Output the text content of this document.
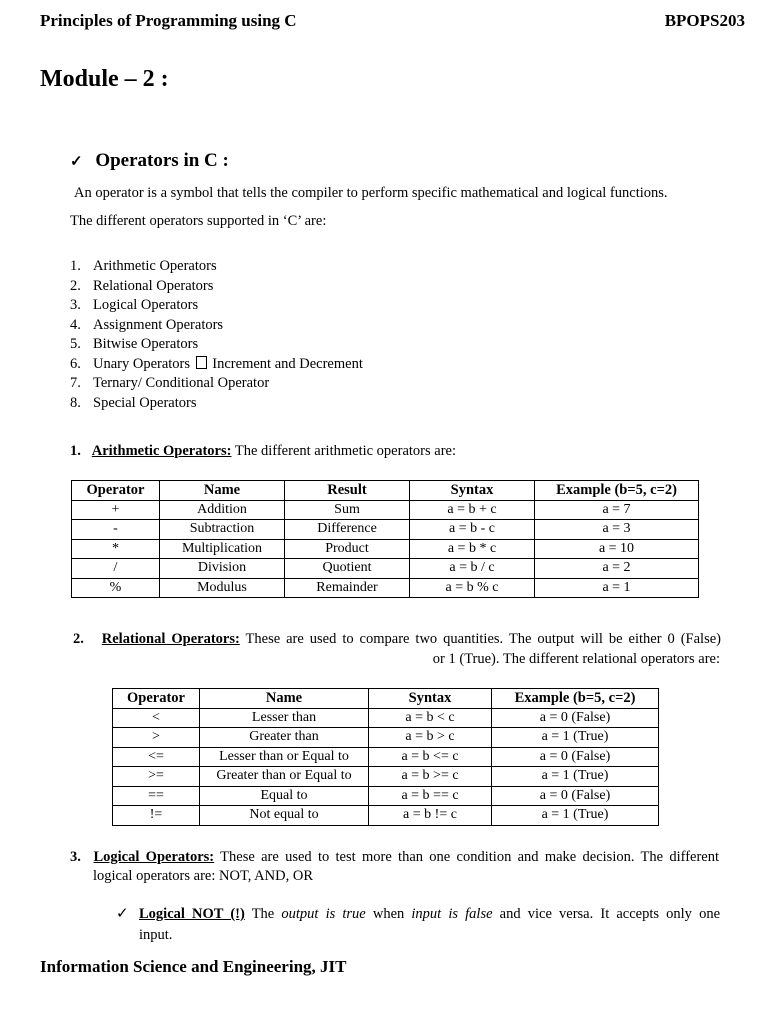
Principles of Programming using C	BPOPS203
Module – 2 :
✓ Operators in C :
An operator is a symbol that tells the compiler to perform specific mathematical and logical functions.
The different operators supported in ‘C’ are:
1. Arithmetic Operators
2. Relational Operators
3. Logical Operators
4. Assignment Operators
5. Bitwise Operators
6. Unary Operators Increment and Decrement
7. Ternary/ Conditional Operator
8. Special Operators
1. Arithmetic Operators: The different arithmetic operators are:
Operator	Name	Result	Syntax	Example (b=5, c=2)
+	Addition	Sum	a = b + c	a = 7
-	Subtraction	Difference	a = b - c	a = 3
*	Multiplication	Product	a = b * c	a = 10
/	Division	Quotient	a = b / c	a = 2
%	Modulus	Remainder	a = b % c	a = 1
2. Relational Operators: These are used to compare two quantities. The output will be either 0 (False)
or 1 (True). The different relational operators are:
Operator	Name	Syntax	Example (b=5, c=2)
<	Lesser than	a = b < c	a = 0 (False)
>	Greater than	a = b > c	a = 1 (True)
<=	Lesser than or Equal to	a = b <= c	a = 0 (False)
>=	Greater than or Equal to	a = b >= c	a = 1 (True)
==	Equal to	a = b == c	a = 0 (False)
!=	Not equal to	a = b != c	a = 1 (True)
3. Logical Operators: These are used to test more than one condition and make decision. The different
logical operators are: NOT, AND, OR
✓ Logical NOT (!) The output is true when input is false and vice versa. It accepts only one
input.
Information Science and Engineering, JIT
